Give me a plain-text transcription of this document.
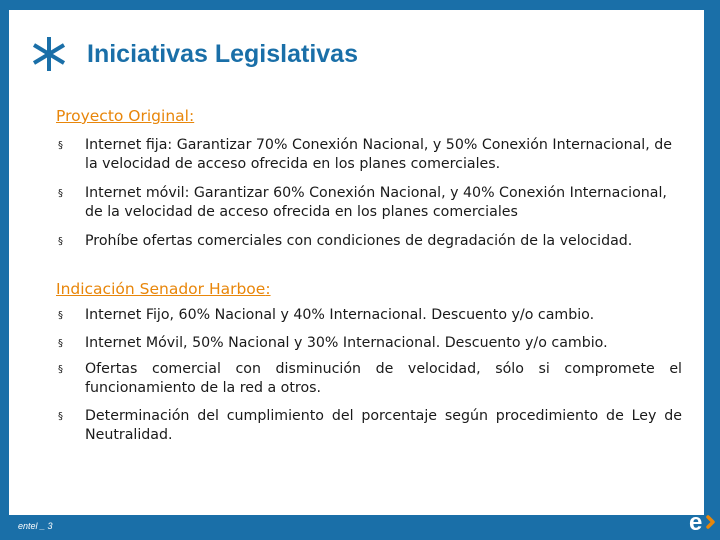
Iniciativas Legislativas
Proyecto Original:
§ Internet fija: Garantizar 70% Conexión Nacional, y 50% Conexión Internacional, de la velocidad de acceso ofrecida en los planes comerciales.
§ Internet móvil: Garantizar 60% Conexión Nacional, y 40% Conexión Internacional, de la velocidad de acceso ofrecida en los planes comerciales
§ Prohíbe ofertas comerciales con condiciones de degradación de la velocidad.
Indicación Senador Harboe:
§ Internet Fijo, 60% Nacional y 40% Internacional. Descuento y/o cambio.
§ Internet Móvil, 50% Nacional y 30% Internacional. Descuento y/o cambio.
§ Ofertas comercial con disminución de velocidad, sólo si compromete el funcionamiento de la red a otros.
§ Determinación del cumplimiento del porcentaje según procedimiento de Ley de Neutralidad.
entel _ 3	e
